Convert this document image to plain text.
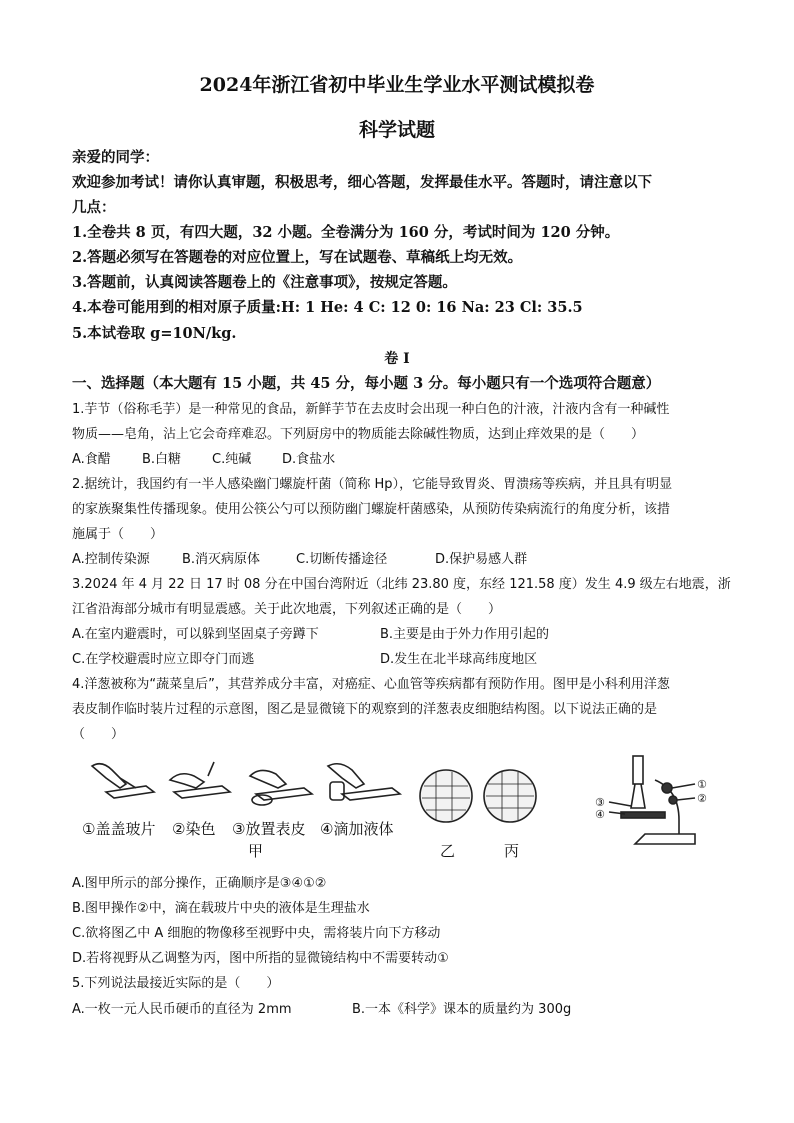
2024年浙江省初中毕业生学业水平测试模拟卷
科学试题
亲爱的同学：
欢迎参加考试！请你认真审题，积极思考，细心答题，发挥最佳水平。答题时，请注意以下
几点：
1.全卷共 8 页，有四大题，32 小题。全卷满分为 160 分，考试时间为 120 分钟。
2.答题必须写在答题卷的对应位置上，写在试题卷、草稿纸上均无效。
3.答题前，认真阅读答题卷上的《注意事项》，按规定答题。
4.本卷可能用到的相对原子质量:H: 1 He: 4 C: 12 0: 16 Na: 23 Cl: 35.5
5.本试卷取 g=10N/kg.
卷 I
一、选择题（本大题有 15 小题，共 45 分，每小题 3 分。每小题只有一个选项符合题意）
1.芋节（俗称毛芋）是一种常见的食品，新鲜芋节在去皮时会出现一种白色的汁液，汁液内含有一种碱性
物质——皂角，沾上它会奇痒难忍。下列厨房中的物质能去除碱性物质，达到止痒效果的是（　　）
A.食醋 B.白糖 C.纯碱 D.食盐水
2.据统计，我国约有一半人感染幽门螺旋杆菌（简称 Hp），它能导致胃炎、胃溃疡等疾病，并且具有明显
的家族聚集性传播现象。使用公筷公勺可以预防幽门螺旋杆菌感染，从预防传染病流行的角度分析，该措
施属于（　　）
A.控制传染源 B.消灭病原体	C.切断传播途径	D.保护易感人群
3.2024 年 4 月 22 日 17 时 08 分在中国台湾附近（北纬 23.80 度，东经 121.58 度）发生 4.9 级左右地震，浙
江省沿海部分城市有明显震感。关于此次地震，下列叙述正确的是（　　）
A.在室内避震时，可以躲到坚固桌子旁蹲下	B.主要是由于外力作用引起的
C.在学校避震时应立即夺门而逃	D.发生在北半球高纬度地区
4.洋葱被称为“蔬菜皇后”，其营养成分丰富，对癌症、心血管等疾病都有预防作用。图甲是小科利用洋葱
表皮制作临时装片过程的示意图，图乙是显微镜下的观察到的洋葱表皮细胞结构图。以下说法正确的是
（　　）
①盖盖玻片 ②染色 ③放置表皮 ④滴加液体
甲	乙	丙
①
②
③
④
A.图甲所示的部分操作，正确顺序是③④①②
B.图甲操作②中，滴在载玻片中央的液体是生理盐水
C.欲将图乙中 A 细胞的物像移至视野中央，需将装片向下方移动
D.若将视野从乙调整为丙，图中所指的显微镜结构中不需要转动①
5.下列说法最接近实际的是（　　）
A.一枚一元人民币硬币的直径为 2mm	B.一本《科学》课本的质量约为 300g
